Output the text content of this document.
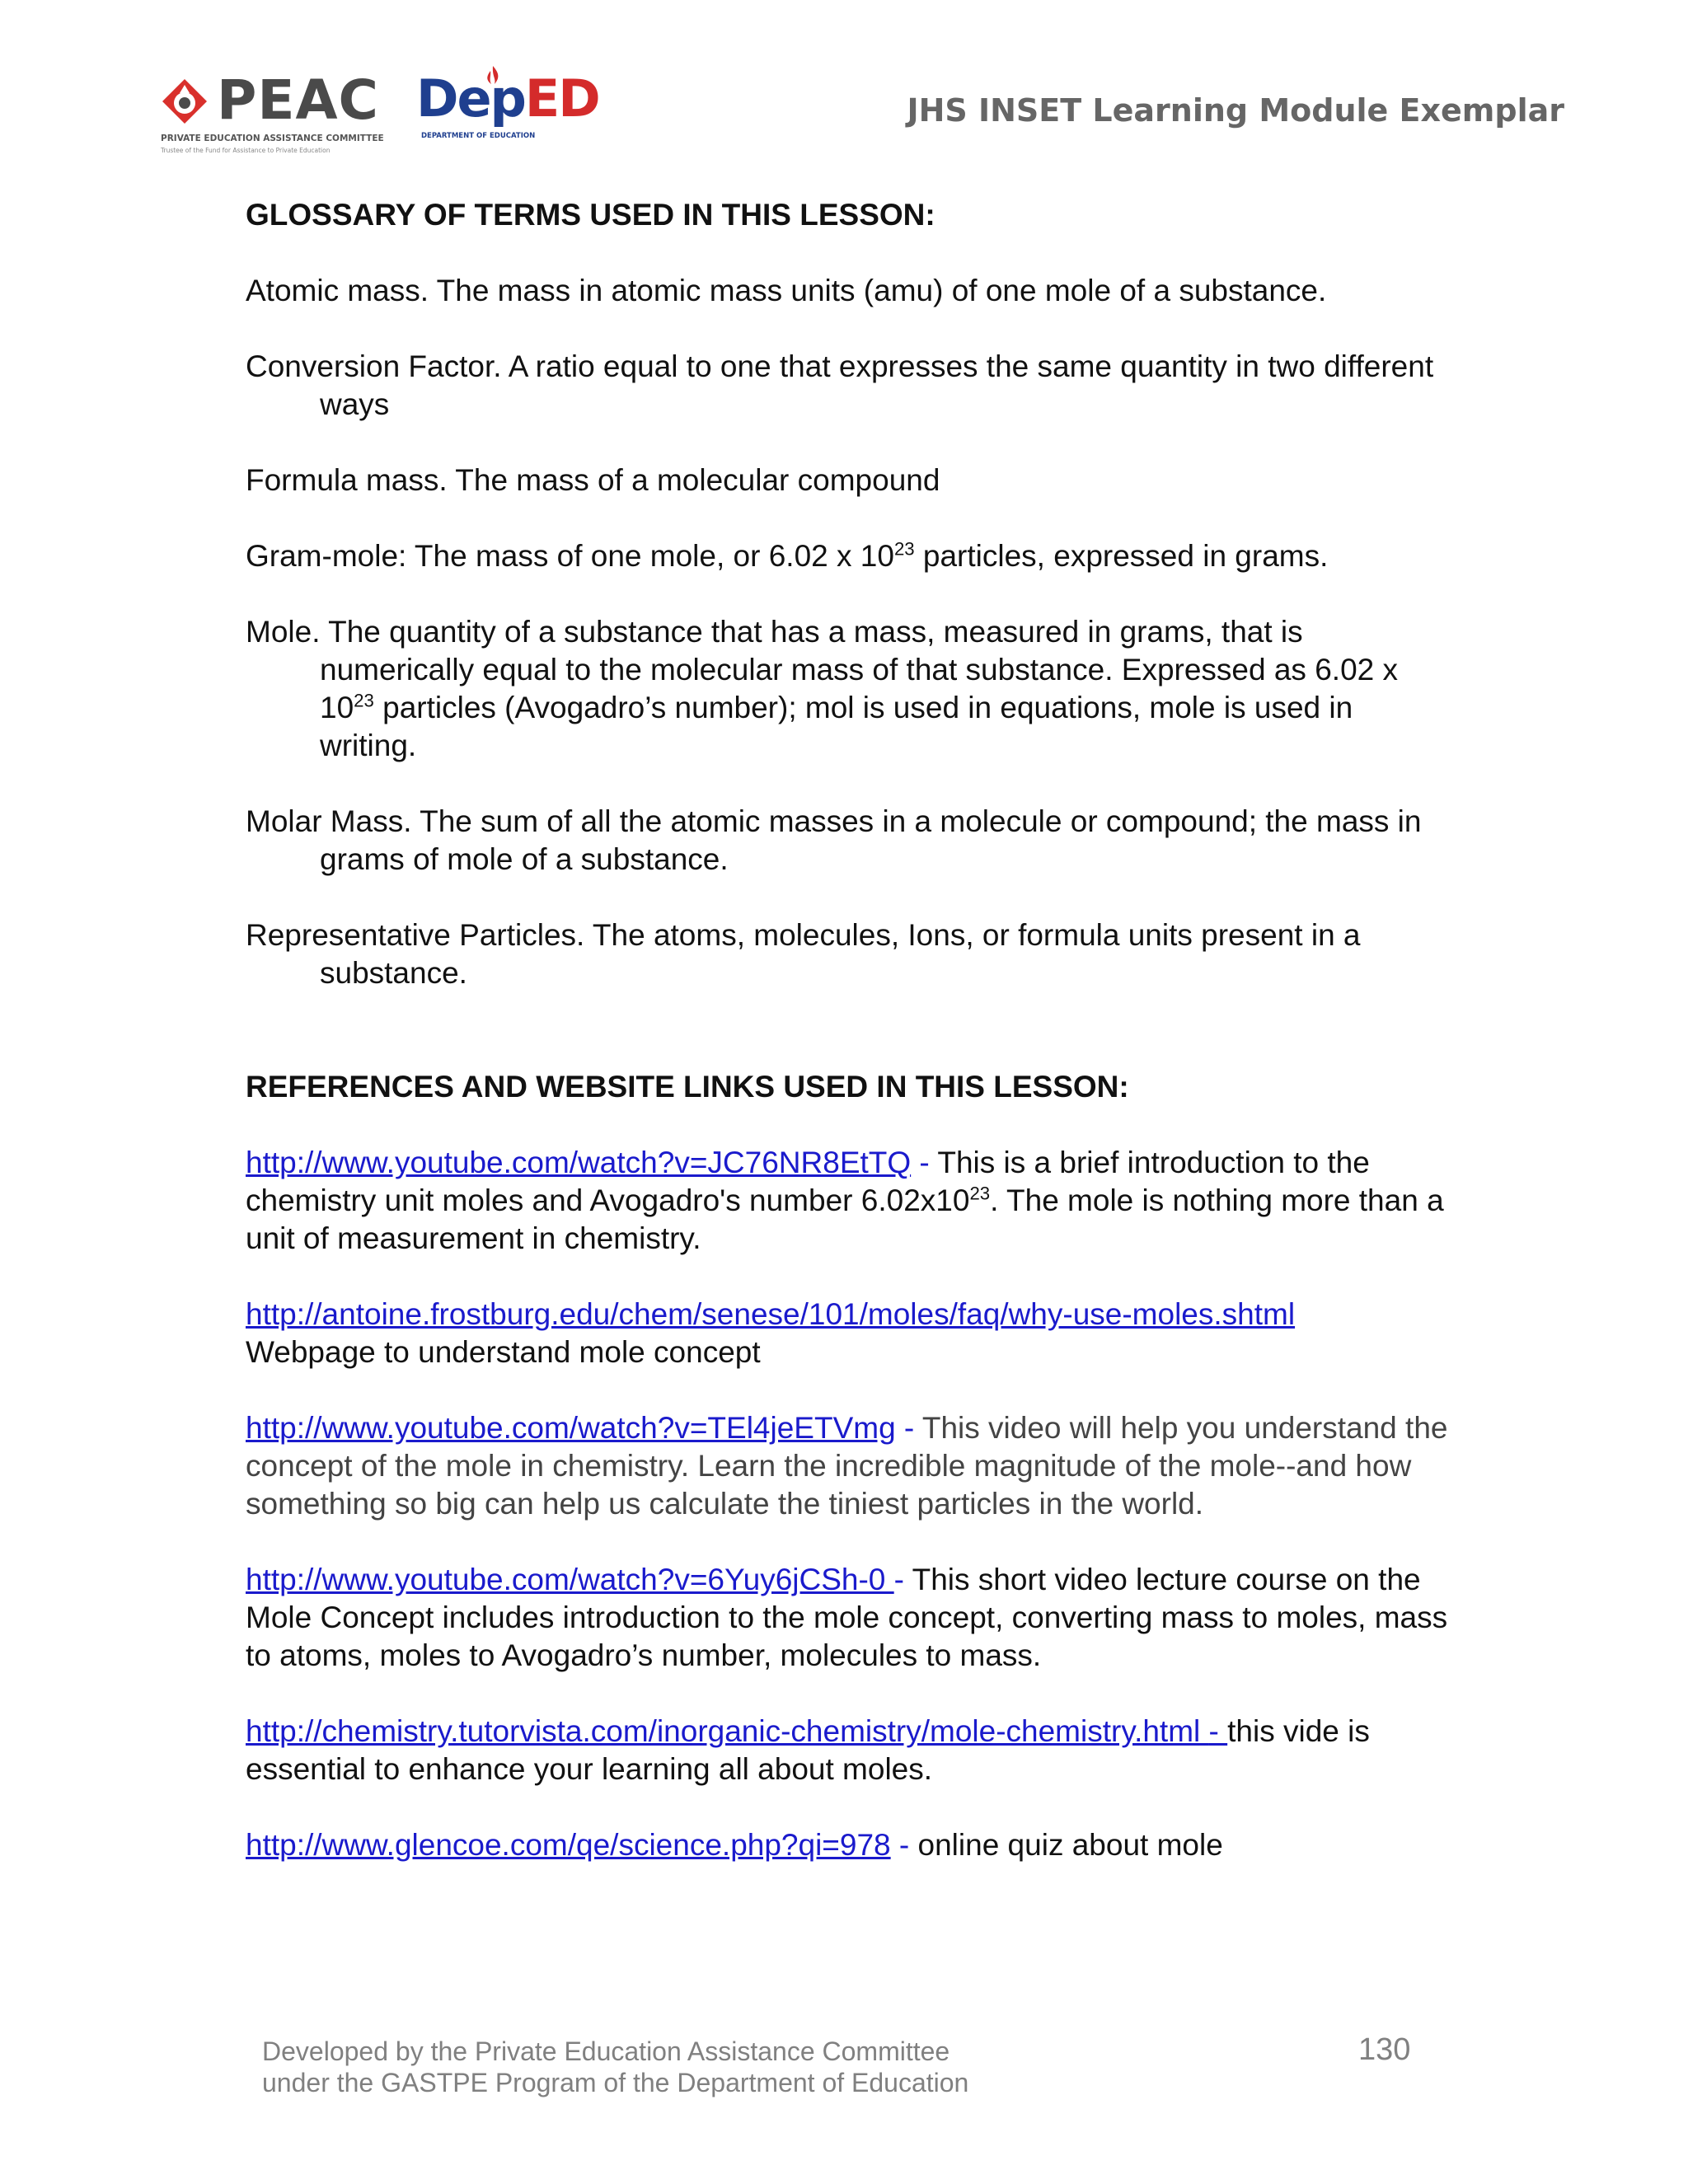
PEAC
PRIVATE EDUCATION ASSISTANCE COMMITTEE
Trustee of the Fund for Assistance to Private Education
DepED
DEPARTMENT OF EDUCATION
JHS INSET Learning Module Exemplar
GLOSSARY OF TERMS USED IN THIS LESSON:
Atomic mass. The mass in atomic mass units (amu) of one mole of a substance.
Conversion Factor. A ratio equal to one that expresses the same quantity in two different ways
Formula mass. The mass of a molecular compound
Gram-mole: The mass of one mole, or 6.02 x $10^{23}$ particles, expressed in grams.
Mole. The quantity of a substance that has a mass, measured in grams, that is numerically equal to the molecular mass of that substance. Expressed as 6.02 x $10^{23}$ particles (Avogadro’s number); mol is used in equations, mole is used in writing.
Molar Mass. The sum of all the atomic masses in a molecule or compound; the mass in grams of mole of a substance.
Representative Particles. The atoms, molecules, Ions, or formula units present in a substance.
REFERENCES AND WEBSITE LINKS USED IN THIS LESSON:
http://www.youtube.com/watch?v=JC76NR8EtTQ - This is a brief introduction to the chemistry unit moles and Avogadro's number $6.02x10^{23}$. The mole is nothing more than a unit of measurement in chemistry.
http://antoine.frostburg.edu/chem/senese/101/moles/faq/why-use-moles.shtml
Webpage to understand mole concept
http://www.youtube.com/watch?v=TEl4jeETVmg - This video will help you understand the concept of the mole in chemistry. Learn the incredible magnitude of the mole--and how something so big can help us calculate the tiniest particles in the world.
http://www.youtube.com/watch?v=6Yuy6jCSh-0 - This short video lecture course on the Mole Concept includes introduction to the mole concept, converting mass to moles, mass to atoms, moles to Avogadro’s number, molecules to mass.
http://chemistry.tutorvista.com/inorganic-chemistry/mole-chemistry.html - this vide is essential to enhance your learning all about moles.
http://www.glencoe.com/qe/science.php?qi=978 - online quiz about mole
Developed by the Private Education Assistance Committee
under the GASTPE Program of the Department of Education
130
